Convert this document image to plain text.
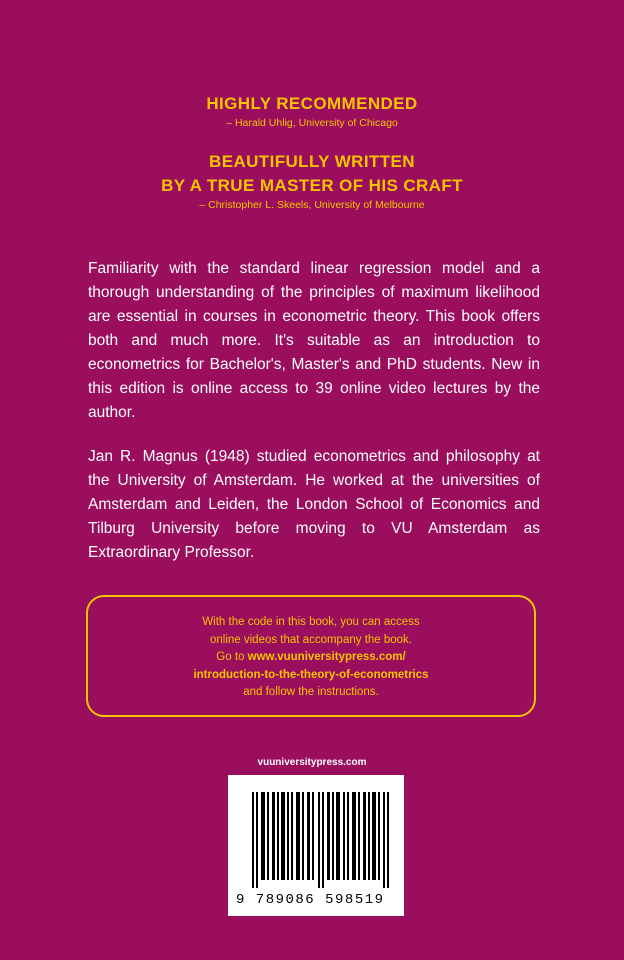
HIGHLY RECOMMENDED
– Harald Uhlig, University of Chicago
BEAUTIFULLY WRITTEN
BY A TRUE MASTER OF HIS CRAFT
– Christopher L. Skeels, University of Melbourne

Familiarity with the standard linear regression model and a thorough understanding of the principles of maximum likelihood are essential in courses in econometric theory. This book offers both and much more. It's suitable as an introduction to econometrics for Bachelor's, Master's and PhD students. New in this edition is online access to 39 online video lectures by the author.

Jan R. Magnus (1948) studied econometrics and philosophy at the University of Amsterdam. He worked at the universities of Amsterdam and Leiden, the London School of Economics and Tilburg University before moving to VU Amsterdam as Extraordinary Professor.

With the code in this book, you can access
online videos that accompany the book.
Go to www.vuuniversitypress.com/
introduction-to-the-theory-of-econometrics
and follow the instructions.
vuuniversitypress.com
9 789086 598519
